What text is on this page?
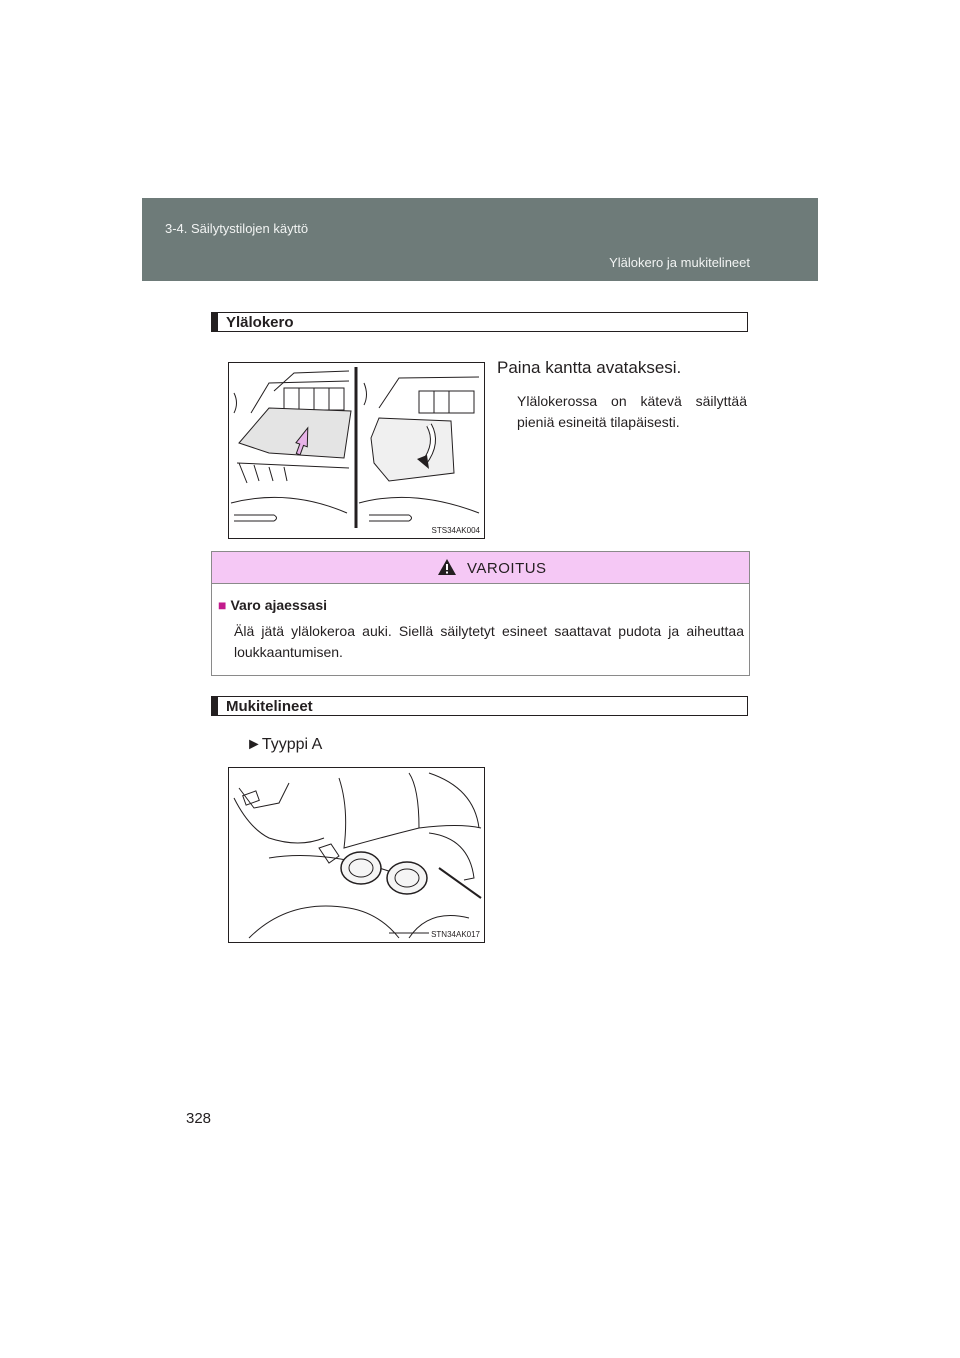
3-4. Säilytystilojen käyttö
Ylälokero ja mukitelineet
Ylälokero
STS34AK004
Paina kantta avataksesi.
Ylälokerossa on kätevä säilyttää pieniä esineitä tilapäisesti.
VAROITUS
■ Varo ajaessasi
Älä jätä ylälokeroa auki. Siellä säilytetyt esineet saattavat pudota ja aiheuttaa loukkaantumisen.
Mukitelineet
►Tyyppi A
STN34AK017
328
